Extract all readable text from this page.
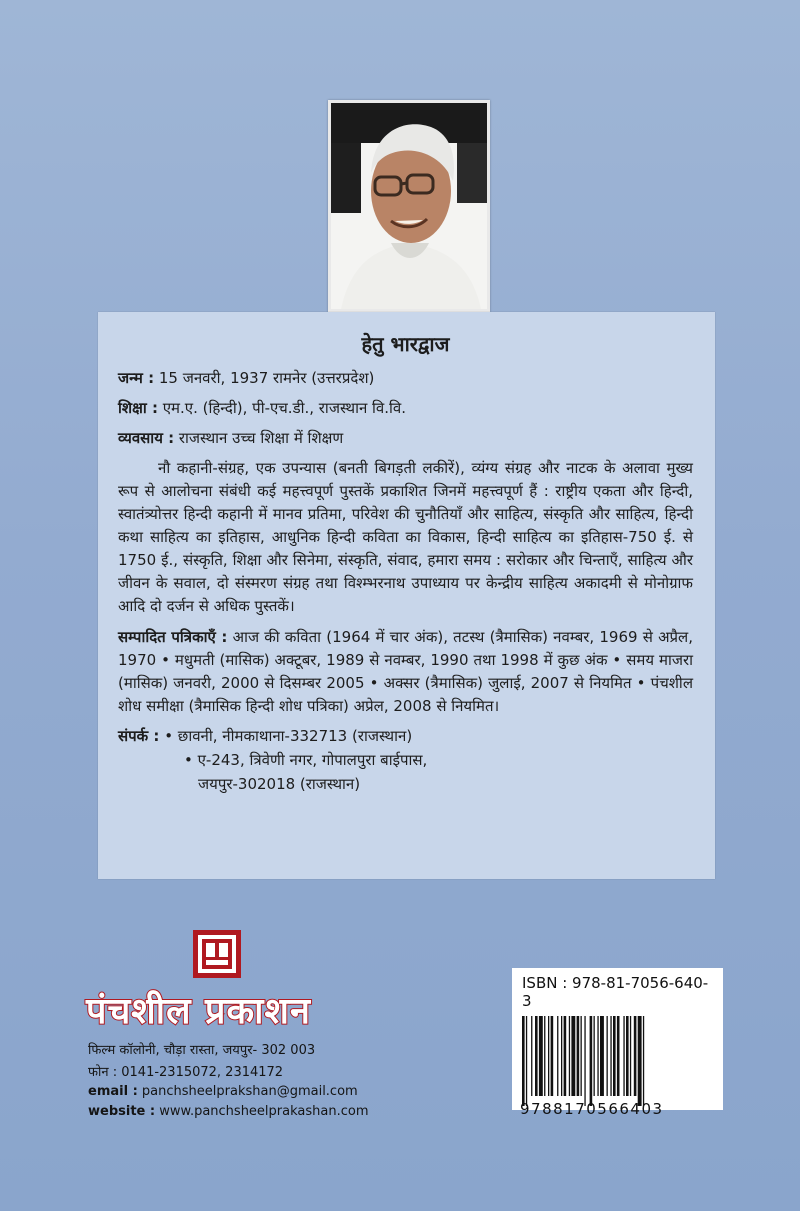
हेतु भारद्वाज
जन्म : 15 जनवरी, 1937 रामनेर (उत्तरप्रदेश)
शिक्षा : एम.ए. (हिन्दी), पी-एच.डी., राजस्थान वि.वि.
व्यवसाय : राजस्थान उच्च शिक्षा में शिक्षण
नौ कहानी-संग्रह, एक उपन्यास (बनती बिगड़ती लकीरें), व्यंग्य संग्रह और नाटक के अलावा मुख्य रूप से आलोचना संबंधी कई महत्त्वपूर्ण पुस्तकें प्रकाशित जिनमें महत्त्वपूर्ण हैं : राष्ट्रीय एकता और हिन्दी, स्वातंत्र्योत्तर हिन्दी कहानी में मानव प्रतिमा, परिवेश की चुनौतियाँ और साहित्य, संस्कृति और साहित्य, हिन्दी कथा साहित्य का इतिहास, आधुनिक हिन्दी कविता का विकास, हिन्दी साहित्य का इतिहास-750 ई. से 1750 ई., संस्कृति, शिक्षा और सिनेमा, संस्कृति, संवाद, हमारा समय : सरोकार और चिन्ताएँ, साहित्य और जीवन के सवाल, दो संस्मरण संग्रह तथा विश्म्भरनाथ उपाध्याय पर केन्द्रीय साहित्य अकादमी से मोनोग्राफ आदि दो दर्जन से अधिक पुस्तकें।
सम्पादित पत्रिकाएँ : आज की कविता (1964 में चार अंक), तटस्थ (त्रैमासिक) नवम्बर, 1969 से अप्रैल, 1970 • मधुमती (मासिक) अक्टूबर, 1989 से नवम्बर, 1990 तथा 1998 में कुछ अंक • समय माजरा (मासिक) जनवरी, 2000 से दिसम्बर 2005 • अक्सर (त्रैमासिक) जुलाई, 2007 से नियमित • पंचशील शोध समीक्षा (त्रैमासिक हिन्दी शोध पत्रिका) अप्रेल, 2008 से नियमित।
संपर्क : • छावनी, नीमकाथाना-332713 (राजस्थान)
• ए-243, त्रिवेणी नगर, गोपालपुरा बाईपास,
जयपुर-302018 (राजस्थान)
पंचशील प्रकाशन
फिल्म कॉलोनी, चौड़ा रास्ता, जयपुर- 302 003
फोन : 0141-2315072, 2314172
email : panchsheelprakshan@gmail.com
website : www.panchsheelprakashan.com
ISBN : 978-81-7056-640-3
9788170566403
